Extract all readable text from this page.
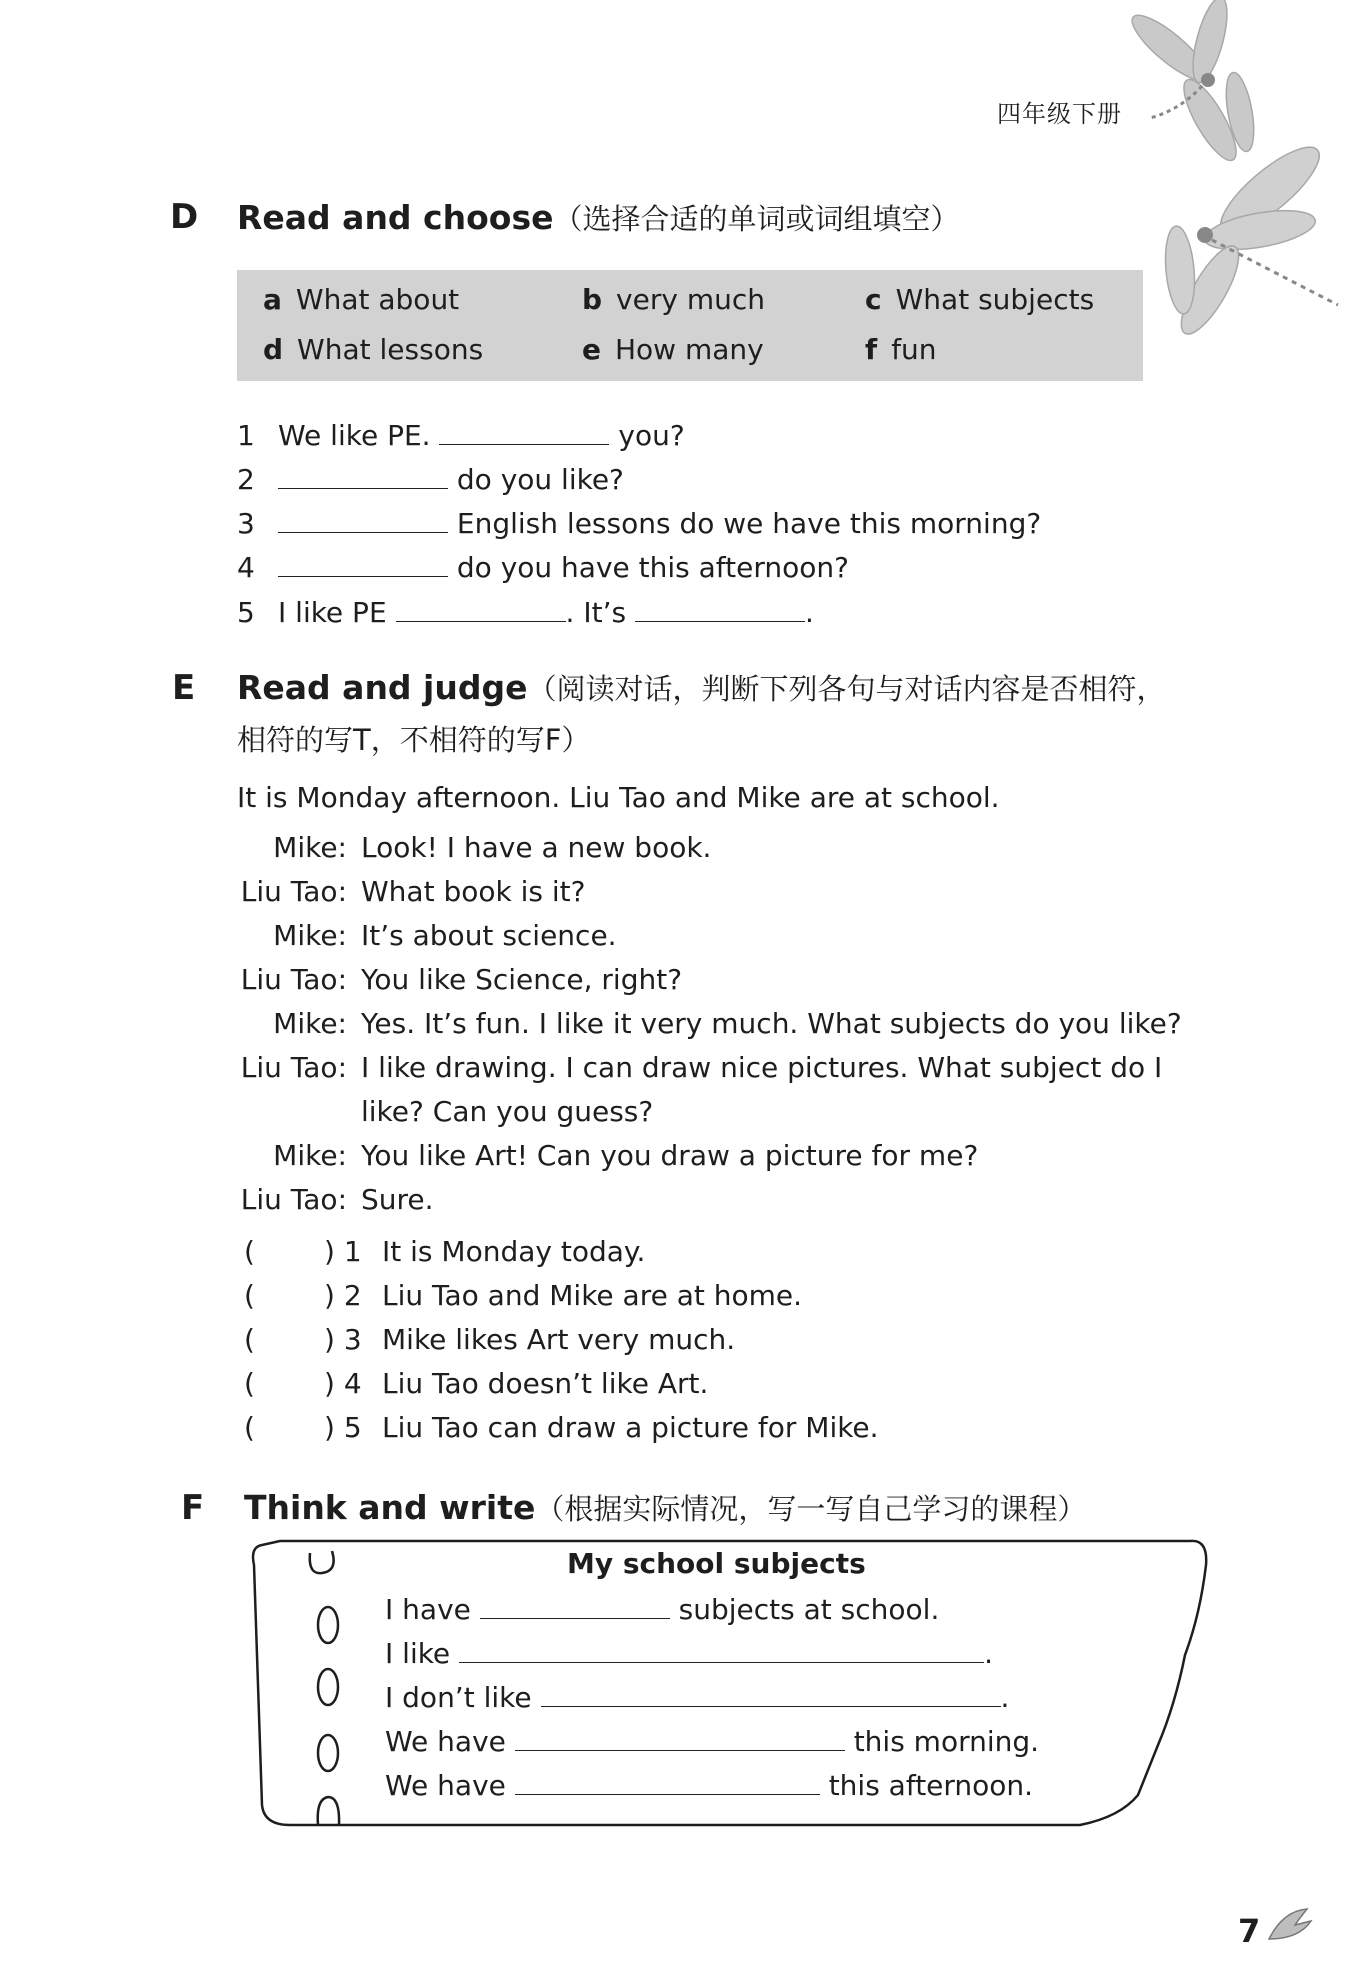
四年级下册
D Read and choose（选择合适的单词或词组填空）
a What about	b very much	c What subjects
d What lessons	e How many	f fun
1 We like PE.	you?
2	do you like?
3	English lessons do we have this morning?
4	do you have this afternoon?
5 I like PE	. It’s	.
E Read and judge（阅读对话，判断下列各句与对话内容是否相符，
相符的写T，不相符的写F）
It is Monday afternoon. Liu Tao and Mike are at school.
Mike: Look! I have a new book.
Liu Tao: What book is it?
Mike: It’s about science.
Liu Tao: You like Science, right?
Mike: Yes. It’s fun. I like it very much. What subjects do you like?
Liu Tao: I like drawing. I can draw nice pictures. What subject do I
like? Can you guess?
Mike: You like Art! Can you draw a picture for me?
Liu Tao: Sure.
( ) 1 It is Monday today.
( ) 2 Liu Tao and Mike are at home.
( ) 3 Mike likes Art very much.
( ) 4 Liu Tao doesn’t like Art.
( ) 5 Liu Tao can draw a picture for Mike.
F Think and write（根据实际情况，写一写自己学习的课程）
My school subjects
I have	subjects at school.
I like	.
I don’t like	.
We have	this morning.
We have	this afternoon.
7
